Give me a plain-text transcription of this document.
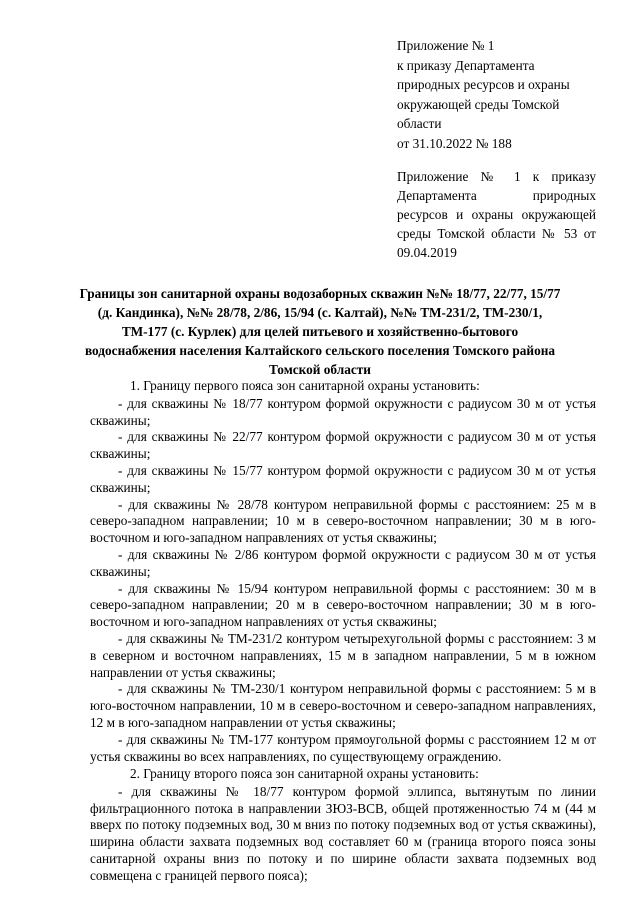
Приложение № 1
к приказу Департамента
природных ресурсов и охраны
окружающей среды Томской
области
от 31.10.2022 № 188
Приложение № 1 к приказу Департамента природных ресурсов и охраны окружающей среды Томской области № 53 от 09.04.2019
Границы зон санитарной охраны водозаборных скважин №№ 18/77, 22/77, 15/77 (д. Кандинка), №№ 28/78, 2/86, 15/94 (с. Калтай), №№ ТМ-231/2, ТМ-230/1, ТМ-177 (с. Курлек) для целей питьевого и хозяйственно-бытового водоснабжения населения Калтайского сельского поселения Томского района Томской области

1. Границу первого пояса зон санитарной охраны установить:

- для скважины № 18/77 контуром формой окружности с радиусом 30 м от устья скважины;

- для скважины № 22/77 контуром формой окружности с радиусом 30 м от устья скважины;

- для скважины № 15/77 контуром формой окружности с радиусом 30 м от устья скважины;

- для скважины № 28/78 контуром неправильной формы с расстоянием: 25 м в северо-западном направлении; 10 м в северо-восточном направлении; 30 м в юго-восточном и юго-западном направлениях от устья скважины;

- для скважины № 2/86 контуром формой окружности с радиусом 30 м от устья скважины;

- для скважины № 15/94 контуром неправильной формы с расстоянием: 30 м в северо-западном направлении; 20 м в северо-восточном направлении; 30 м в юго-восточном и юго-западном направлениях от устья скважины;

- для скважины № ТМ-231/2 контуром четырехугольной формы с расстоянием: 3 м в северном и восточном направлениях, 15 м в западном направлении, 5 м в южном направлении от устья скважины;

- для скважины № ТМ-230/1 контуром неправильной формы с расстоянием: 5 м в юго-восточном направлении, 10 м в северо-восточном и северо-западном направлениях, 12 м в юго-западном направлении от устья скважины;

- для скважины № ТМ-177 контуром прямоугольной формы с расстоянием 12 м от устья скважины во всех направлениях, по существующему ограждению.

2. Границу второго пояса зон санитарной охраны установить:

- для скважины № 18/77 контуром формой эллипса, вытянутым по линии фильтрационного потока в направлении ЗЮЗ-ВСВ, общей протяженностью 74 м (44 м вверх по потоку подземных вод, 30 м вниз по потоку подземных вод от устья скважины), ширина области захвата подземных вод составляет 60 м (граница второго пояса зоны санитарной охраны вниз по потоку и по ширине области захвата подземных вод совмещена с границей первого пояса);
